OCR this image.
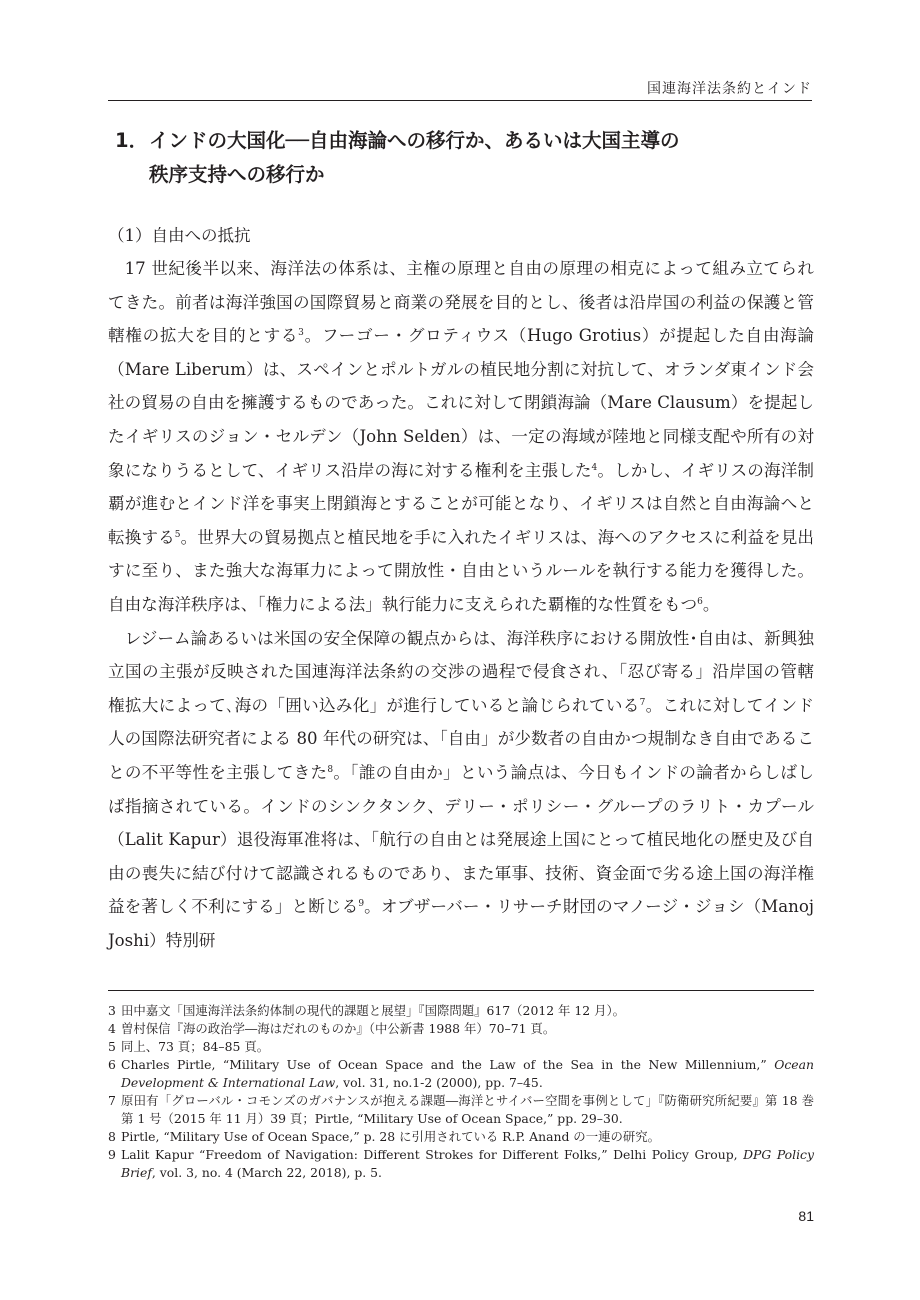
国連海洋法条約とインド
1．インドの大国化──自由海論への移行か、あるいは大国主導の
秩序支持への移行か
（1）自由への抵抗

17 世紀後半以来、海洋法の体系は、主権の原理と自由の原理の相克によって組み立てられてきた。前者は海洋強国の国際貿易と商業の発展を目的とし、後者は沿岸国の利益の保護と管轄権の拡大を目的とする$^3$。フーゴー・グロティウス（Hugo Grotius）が提起した自由海論（Mare Liberum）は、スペインとポルトガルの植民地分割に対抗して、オランダ東インド会社の貿易の自由を擁護するものであった。これに対して閉鎖海論（Mare Clausum）を提起したイギリスのジョン・セルデン（John Selden）は、一定の海域が陸地と同様支配や所有の対象になりうるとして、イギリス沿岸の海に対する権利を主張した$^4$。しかし、イギリスの海洋制覇が進むとインド洋を事実上閉鎖海とすることが可能となり、イギリスは自然と自由海論へと転換する$^5$。世界大の貿易拠点と植民地を手に入れたイギリスは、海へのアクセスに利益を見出すに至り、また強大な海軍力によって開放性・自由というルールを執行する能力を獲得した。自由な海洋秩序は、「権力による法」執行能力に支えられた覇権的な性質をもつ$^6$。

レジーム論あるいは米国の安全保障の観点からは、海洋秩序における開放性･自由は、新興独立国の主張が反映された国連海洋法条約の交渉の過程で侵食され、「忍び寄る」沿岸国の管轄権拡大によって､海の「囲い込み化」が進行していると論じられている$^7$。これに対してインド人の国際法研究者による 80 年代の研究は、「自由」が少数者の自由かつ規制なき自由であることの不平等性を主張してきた$^8$。「誰の自由か」という論点は、今日もインドの論者からしばしば指摘されている。インドのシンクタンク、デリー・ポリシー・グループのラリト・カプール（Lalit Kapur）退役海軍准将は、「航行の自由とは発展途上国にとって植民地化の歴史及び自由の喪失に結び付けて認識されるものであり、また軍事、技術、資金面で劣る途上国の海洋権益を著しく不利にする」と断じる$^9$。オブザーバー・リサーチ財団のマノージ・ジョシ（Manoj Joshi）特別研

3 田中嘉文「国連海洋法条約体制の現代的課題と展望」『国際問題』617（2012 年 12 月）。
4 曽村保信『海の政治学―海はだれのものか』（中公新書 1988 年）70–71 頁。
5 同上、73 頁；84–85 頁。
6 Charles Pirtle, “Military Use of Ocean Space and the Law of the Sea in the New Millennium,” Ocean Development & International Law, vol. 31, no.1-2 (2000), pp. 7–45.
7 原田有「グローバル・コモンズのガバナンスが抱える課題―海洋とサイバー空間を事例として」『防衛研究所紀要』第 18 巻第 1 号（2015 年 11 月）39 頁；Pirtle, “Military Use of Ocean Space,” pp. 29–30.
8 Pirtle, “Military Use of Ocean Space,” p. 28 に引用されている R.P. Anand の一連の研究。
9 Lalit Kapur “Freedom of Navigation: Different Strokes for Different Folks,” Delhi Policy Group, DPG Policy Brief, vol. 3, no. 4 (March 22, 2018), p. 5.
81
